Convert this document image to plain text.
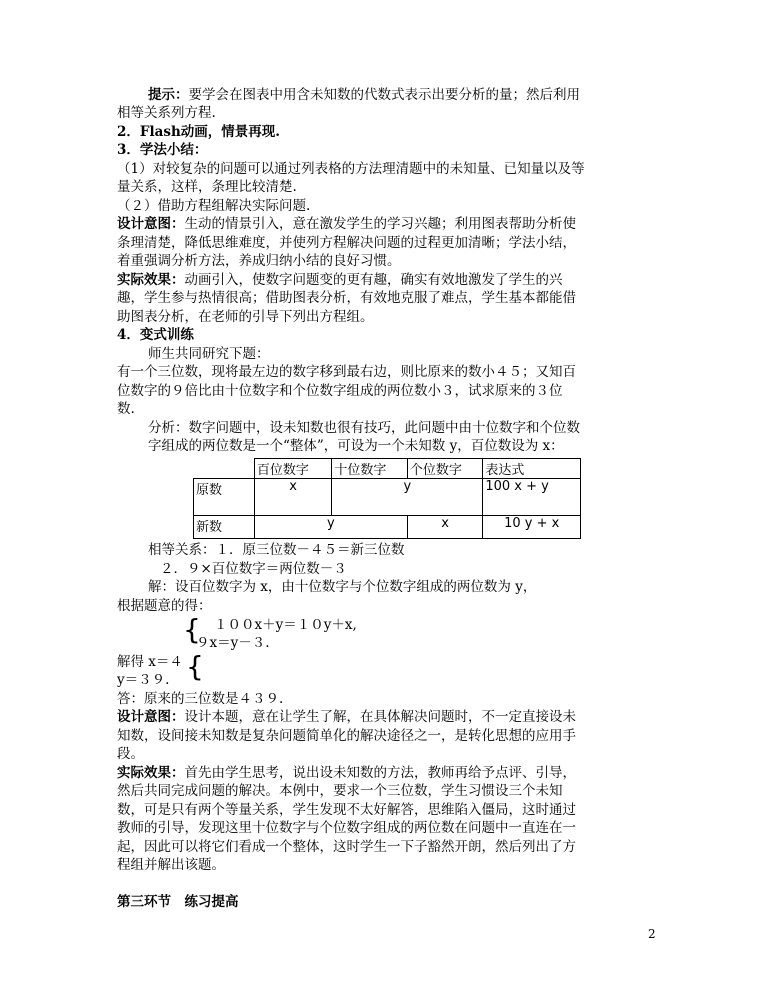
提示：要学会在图表中用含未知数的代数式表示出要分析的量；然后利用
相等关系列方程.
2．Flash动画，情景再现.
3．学法小结：
（1）对较复杂的问题可以通过列表格的方法理清题中的未知量、已知量以及等
量关系，这样，条理比较清楚.
（２）借助方程组解决实际问题.
设计意图：生动的情景引入，意在激发学生的学习兴趣；利用图表帮助分析使
条理清楚，降低思维难度，并使列方程解决问题的过程更加清晰；学法小结，
着重强调分析方法，养成归纳小结的良好习惯。
实际效果：动画引入，使数字问题变的更有趣，确实有效地激发了学生的兴
趣，学生参与热情很高；借助图表分析，有效地克服了难点，学生基本都能借
助图表分析，在老师的引导下列出方程组。
4．变式训练
师生共同研究下题：
有一个三位数，现将最左边的数字移到最右边，则比原来的数小４５；又知百
位数字的９倍比由十位数字和个位数字组成的两位数小３，试求原来的３位
数.
分析：数字问题中，设未知数也很有技巧，此问题中由十位数字和个位数
字组成的两位数是一个“整体”，可设为一个未知数 y，百位数设为 x：
	百位数字	十位数字	个位数字	表达式
原数	x	y		100 x + y
新数	y		x	10 y + x
相等关系：１．原三位数－４５＝新三位数
２．９×百位数字＝两位数－３
解：设百位数字为 x，由十位数字与个位数字组成的两位数为 y，
根据题意的得：
{ １００x＋y＝１０y＋x,
９x＝y－３.
解得 x＝４ {
y＝３９.
答：原来的三位数是４３９.
设计意图：设计本题，意在让学生了解，在具体解决问题时，不一定直接设未
知数，设间接未知数是复杂问题简单化的解决途径之一，是转化思想的应用手
段。
实际效果：首先由学生思考，说出设未知数的方法，教师再给予点评、引导，
然后共同完成问题的解决。本例中，要求一个三位数，学生习惯设三个未知
数，可是只有两个等量关系，学生发现不太好解答，思维陷入僵局，这时通过
教师的引导，发现这里十位数字与个位数字组成的两位数在问题中一直连在一
起，因此可以将它们看成一个整体，这时学生一下子豁然开朗，然后列出了方
程组并解出该题。
第三环节　练习提高
2
